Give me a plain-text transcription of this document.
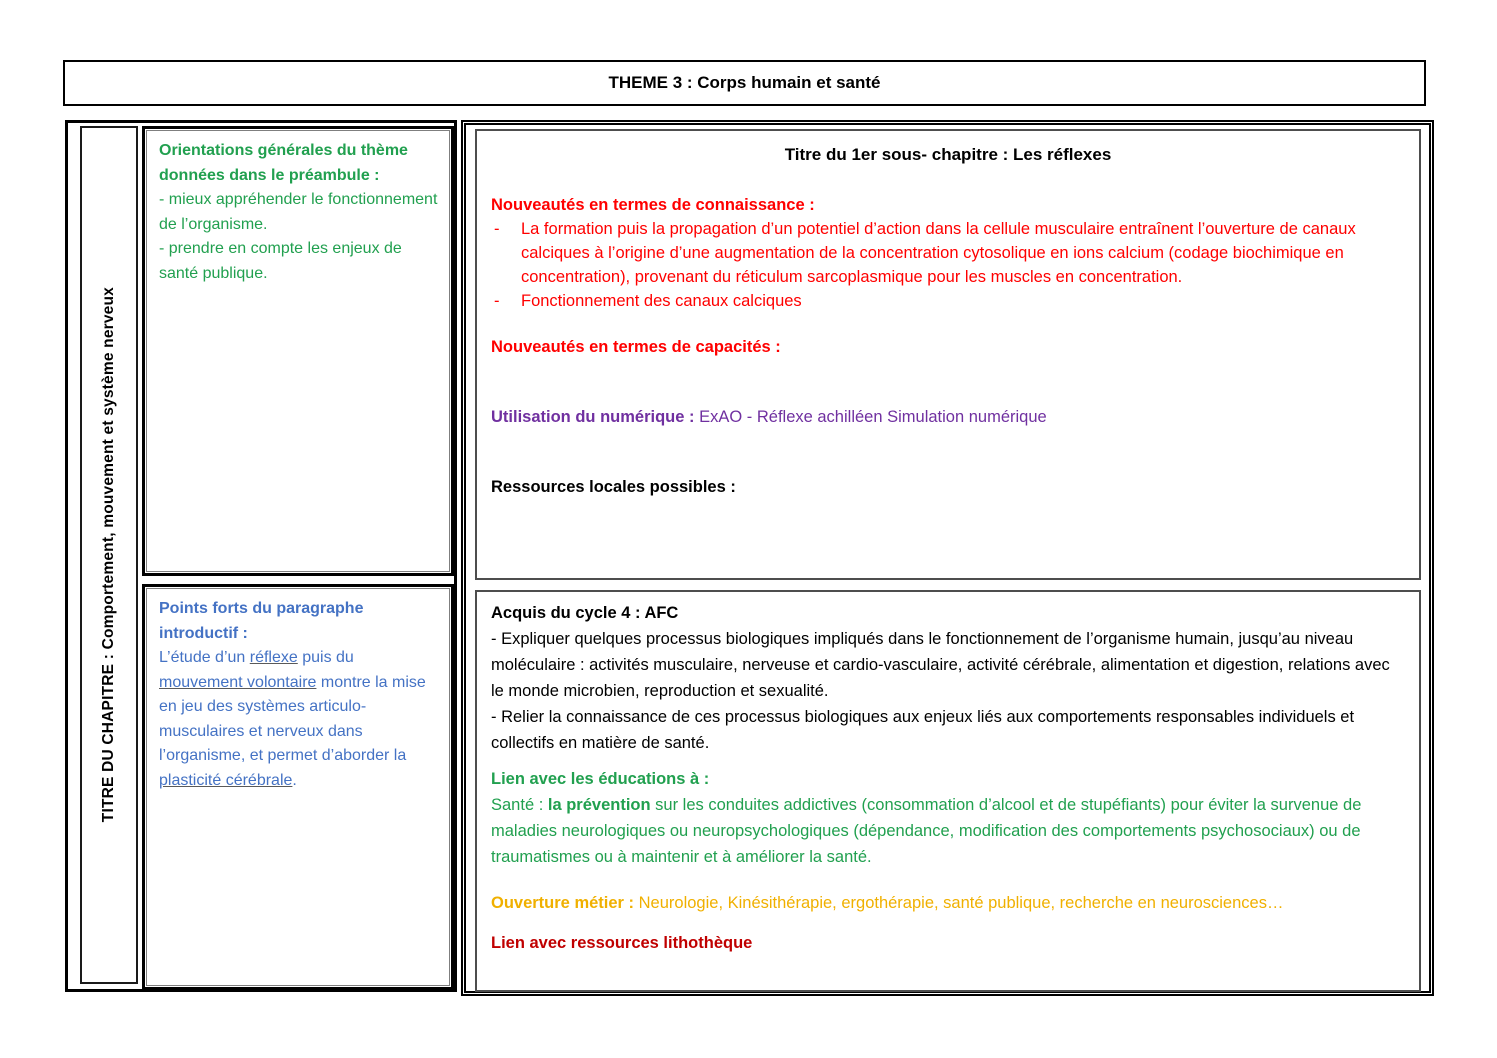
THEME 3 : Corps humain et santé
TITRE DU CHAPITRE : Comportement, mouvement et système nerveux
Orientations générales du thème données dans le préambule :
- mieux appréhender le fonctionnement de l’organisme.
- prendre en compte les enjeux de santé publique.
Points forts du paragraphe introductif :
L’étude d’un réflexe puis du mouvement volontaire montre la mise en jeu des systèmes articulo-musculaires et nerveux dans l’organisme, et permet d’aborder la plasticité cérébrale.
Titre du 1er sous- chapitre : Les réflexes
Nouveautés en termes de connaissance :
-	La formation puis la propagation d’un potentiel d’action dans la cellule musculaire entraînent l’ouverture de canaux calciques à l’origine d’une augmentation de la concentration cytosolique en ions calcium (codage biochimique en concentration), provenant du réticulum sarcoplasmique pour les muscles en concentration.
-	Fonctionnement des canaux calciques
Nouveautés en termes de capacités :
Utilisation du numérique : ExAO - Réflexe achilléen Simulation numérique
Ressources locales possibles :
Acquis du cycle 4 : AFC
- Expliquer quelques processus biologiques impliqués dans le fonctionnement de l’organisme humain, jusqu’au niveau moléculaire : activités musculaire, nerveuse et cardio-vasculaire, activité cérébrale, alimentation et digestion, relations avec le monde microbien, reproduction et sexualité.
- Relier la connaissance de ces processus biologiques aux enjeux liés aux comportements responsables individuels et collectifs en matière de santé.
Lien avec les éducations à :
Santé : la prévention sur les conduites addictives (consommation d’alcool et de stupéfiants) pour éviter la survenue de maladies neurologiques ou neuropsychologiques (dépendance, modification des comportements psychosociaux) ou de traumatismes ou à maintenir et à améliorer la santé.
Ouverture métier : Neurologie, Kinésithérapie, ergothérapie, santé publique, recherche en neurosciences…
Lien avec ressources lithothèque
